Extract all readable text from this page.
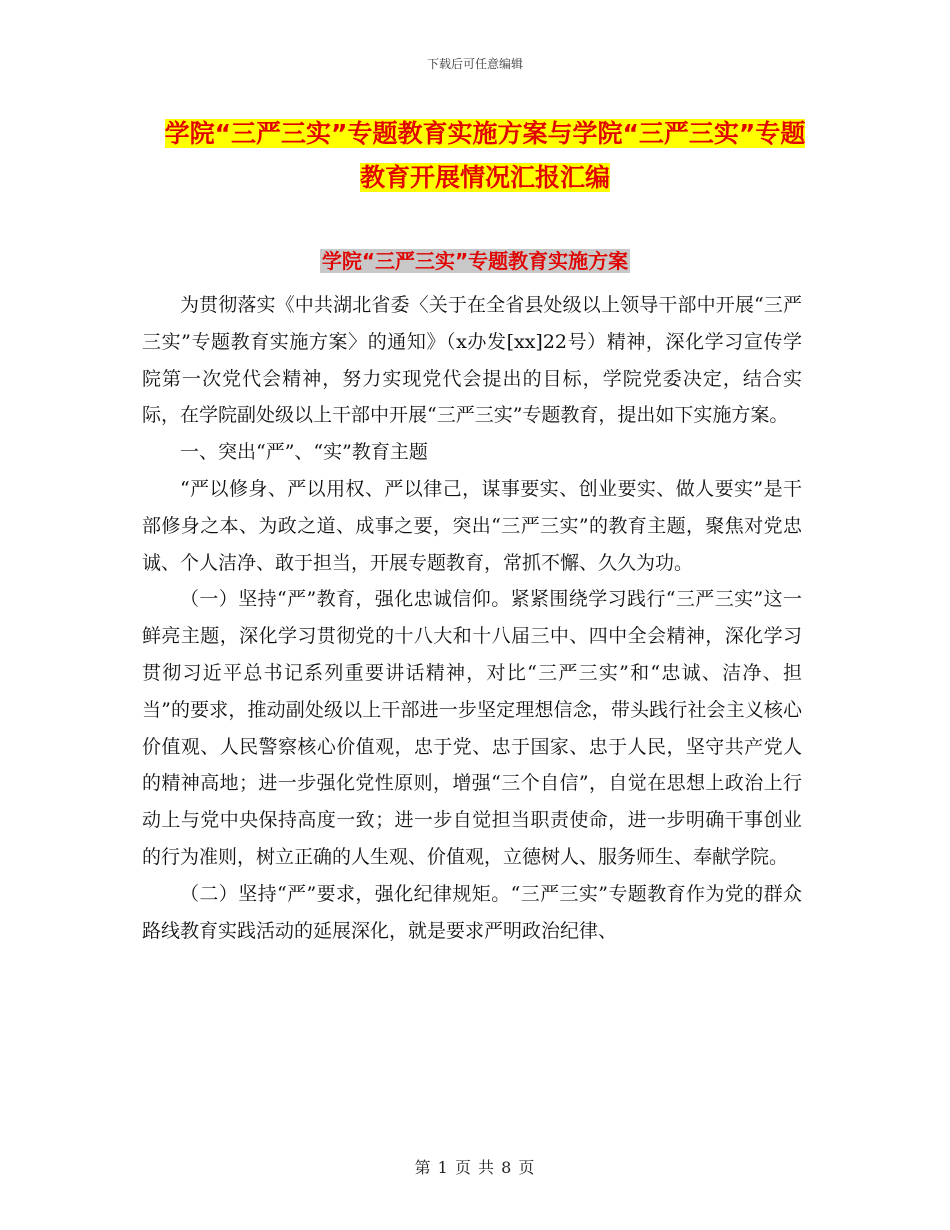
下载后可任意编辑
学院“三严三实”专题教育实施方案与学院“三严三实”专题教育开展情况汇报汇编
学院“三严三实”专题教育实施方案

为贯彻落实《中共湖北省委〈关于在全省县处级以上领导干部中开展“三严三实”专题教育实施方案〉的通知》（x办发[xx]22号）精神，深化学习宣传学院第一次党代会精神，努力实现党代会提出的目标，学院党委决定，结合实际，在学院副处级以上干部中开展“三严三实”专题教育，提出如下实施方案。

一、突出“严”、“实”教育主题

“严以修身、严以用权、严以律己，谋事要实、创业要实、做人要实”是干部修身之本、为政之道、成事之要，突出“三严三实”的教育主题，聚焦对党忠诚、个人洁净、敢于担当，开展专题教育，常抓不懈、久久为功。

（一）坚持“严”教育，强化忠诚信仰。紧紧围绕学习践行“三严三实”这一鲜亮主题，深化学习贯彻党的十八大和十八届三中、四中全会精神，深化学习贯彻习近平总书记系列重要讲话精神，对比“三严三实”和“忠诚、洁净、担当”的要求，推动副处级以上干部进一步坚定理想信念，带头践行社会主义核心价值观、人民警察核心价值观，忠于党、忠于国家、忠于人民，坚守共产党人的精神高地；进一步强化党性原则，增强“三个自信”，自觉在思想上政治上行动上与党中央保持高度一致；进一步自觉担当职责使命，进一步明确干事创业的行为准则，树立正确的人生观、价值观，立德树人、服务师生、奉献学院。

（二）坚持“严”要求，强化纪律规矩。“三严三实”专题教育作为党的群众路线教育实践活动的延展深化，就是要求严明政治纪律、

第 1 页 共 8 页
